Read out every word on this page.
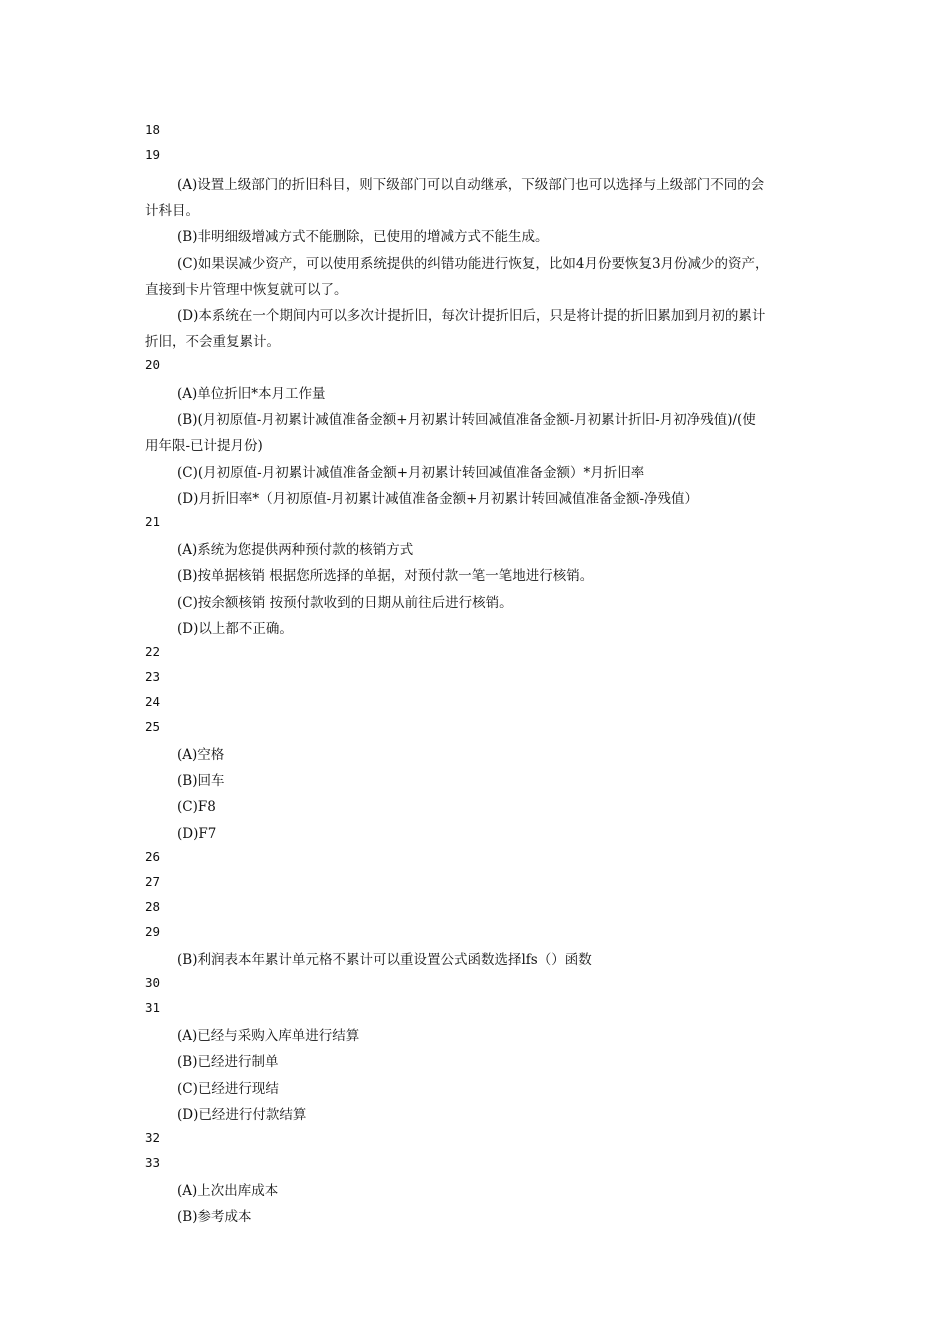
18
19
(A)设置上级部门的折旧科目，则下级部门可以自动继承，下级部门也可以选择与上级部门不同的会
计科目。
(B)非明细级增减方式不能删除，已使用的增减方式不能生成。
(C)如果误减少资产，可以使用系统提供的纠错功能进行恢复，比如4月份要恢复3月份减少的资产，
直接到卡片管理中恢复就可以了。
(D)本系统在一个期间内可以多次计提折旧，每次计提折旧后，只是将计提的折旧累加到月初的累计
折旧，不会重复累计。
20
(A)单位折旧*本月工作量
(B)(月初原值-月初累计减值准备金额+月初累计转回减值准备金额-月初累计折旧-月初净残值)/(使
用年限-已计提月份)
(C)(月初原值-月初累计减值准备金额+月初累计转回减值准备金额）*月折旧率
(D)月折旧率*（月初原值-月初累计减值准备金额+月初累计转回减值准备金额-净残值）
21
(A)系统为您提供两种预付款的核销方式
(B)按单据核销 根据您所选择的单据，对预付款一笔一笔地进行核销。
(C)按余额核销 按预付款收到的日期从前往后进行核销。
(D)以上都不正确。
22
23
24
25
(A)空格
(B)回车
(C)F8
(D)F7
26
27
28
29
(B)利润表本年累计单元格不累计可以重设置公式函数选择lfs（）函数
30
31
(A)已经与采购入库单进行结算
(B)已经进行制单
(C)已经进行现结
(D)已经进行付款结算
32
33
(A)上次出库成本
(B)参考成本
